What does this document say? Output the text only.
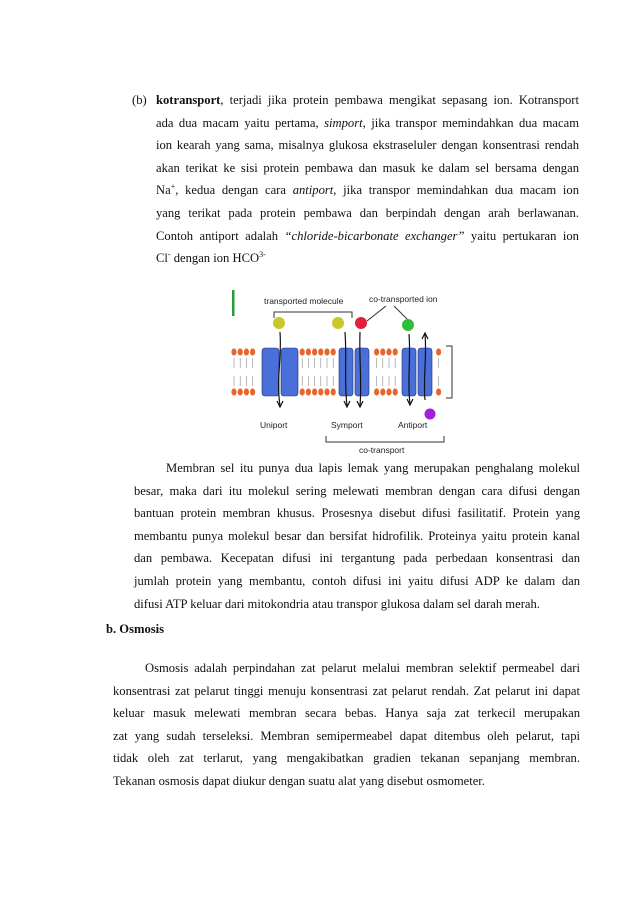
(b) kotransport, terjadi jika protein pembawa mengikat sepasang ion. Kotransport
ada dua macam yaitu pertama, simport, jika transpor memindahkan dua macam
ion kearah yang sama, misalnya glukosa ekstraseluler dengan konsentrasi rendah
akan terikat ke sisi protein pembawa dan masuk ke dalam sel bersama dengan
Na+, kedua dengan cara antiport, jika transpor memindahkan dua macam ion
yang terikat pada protein pembawa dan berpindah dengan arah berlawanan.
Contoh antiport adalah “chloride-bicarbonate exchanger” yaitu pertukaran ion
Cl- dengan ion $HCO^{3-}$
transported molecule	co-transported ion
Uniport	Symport	Antiport
co-transport
Membran sel itu punya dua lapis lemak yang merupakan penghalang molekul
besar, maka dari itu molekul sering melewati membran dengan cara difusi dengan
bantuan protein membran khusus. Prosesnya disebut difusi fasilitatif. Protein yang
membantu punya molekul besar dan bersifat hidrofilik. Proteinya yaitu protein kanal
dan pembawa. Kecepatan difusi ini tergantung pada perbedaan konsentrasi dan
jumlah protein yang membantu, contoh difusi ini yaitu difusi ADP ke dalam dan
difusi ATP keluar dari mitokondria atau transpor glukosa dalam sel darah merah.
b. Osmosis
Osmosis adalah perpindahan zat pelarut melalui membran selektif permeabel dari
konsentrasi zat pelarut tinggi menuju konsentrasi zat pelarut rendah. Zat pelarut ini dapat
keluar masuk melewati membran secara bebas. Hanya saja zat terkecil merupakan
zat yang sudah terseleksi. Membran semipermeabel dapat ditembus oleh pelarut, tapi
tidak oleh zat terlarut, yang mengakibatkan gradien tekanan sepanjang membran.
Tekanan osmosis dapat diukur dengan suatu alat yang disebut osmometer.
